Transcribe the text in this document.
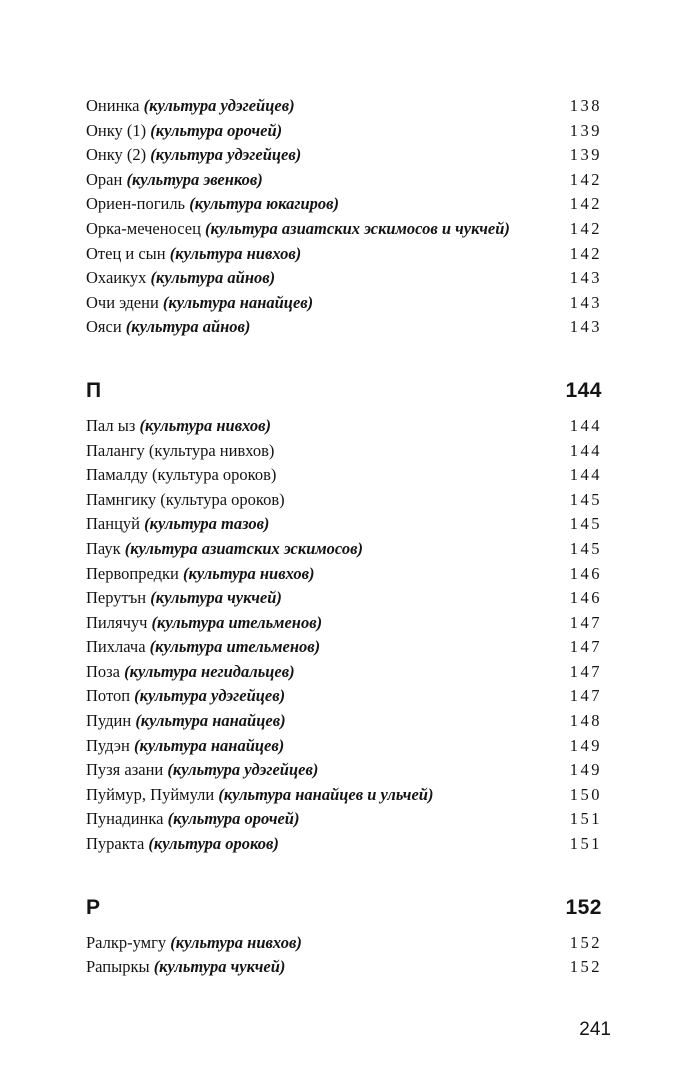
Онинка (культура удэгейцев)	138
Онку (1) (культура орочей)	139
Онку (2) (культура удэгейцев)	139
Оран (культура эвенков)	142
Ориен-погиль (культура юкагиров)	142
Орка-меченосец (культура азиатских эскимосов и чукчей)	142
Отец и сын (культура нивхов)	142
Охаикух (культура айнов)	143
Очи эдени (культура нанайцев)	143
Ояси (культура айнов)	143
П	144
Пал ыз (культура нивхов)	144
Палангу (культура нивхов)	144
Памалду (культура ороков)	144
Памнгику (культура ороков)	145
Панцуй (культура тазов)	145
Паук (культура азиатских эскимосов)	145
Первопредки (культура нивхов)	146
Перутън (культура чукчей)	146
Пилячуч (культура ительменов)	147
Пихлача (культура ительменов)	147
Поза (культура негидальцев)	147
Потоп (культура удэгейцев)	147
Пудин (культура нанайцев)	148
Пудэн (культура нанайцев)	149
Пузя азани (культура удэгейцев)	149
Пуймур, Пуймули (культура нанайцев и ульчей)	150
Пунадинка (культура орочей)	151
Пуракта (культура ороков)	151
Р	152
Ралкр-умгу (культура нивхов)	152
Рапыркы (культура чукчей)	152
241
